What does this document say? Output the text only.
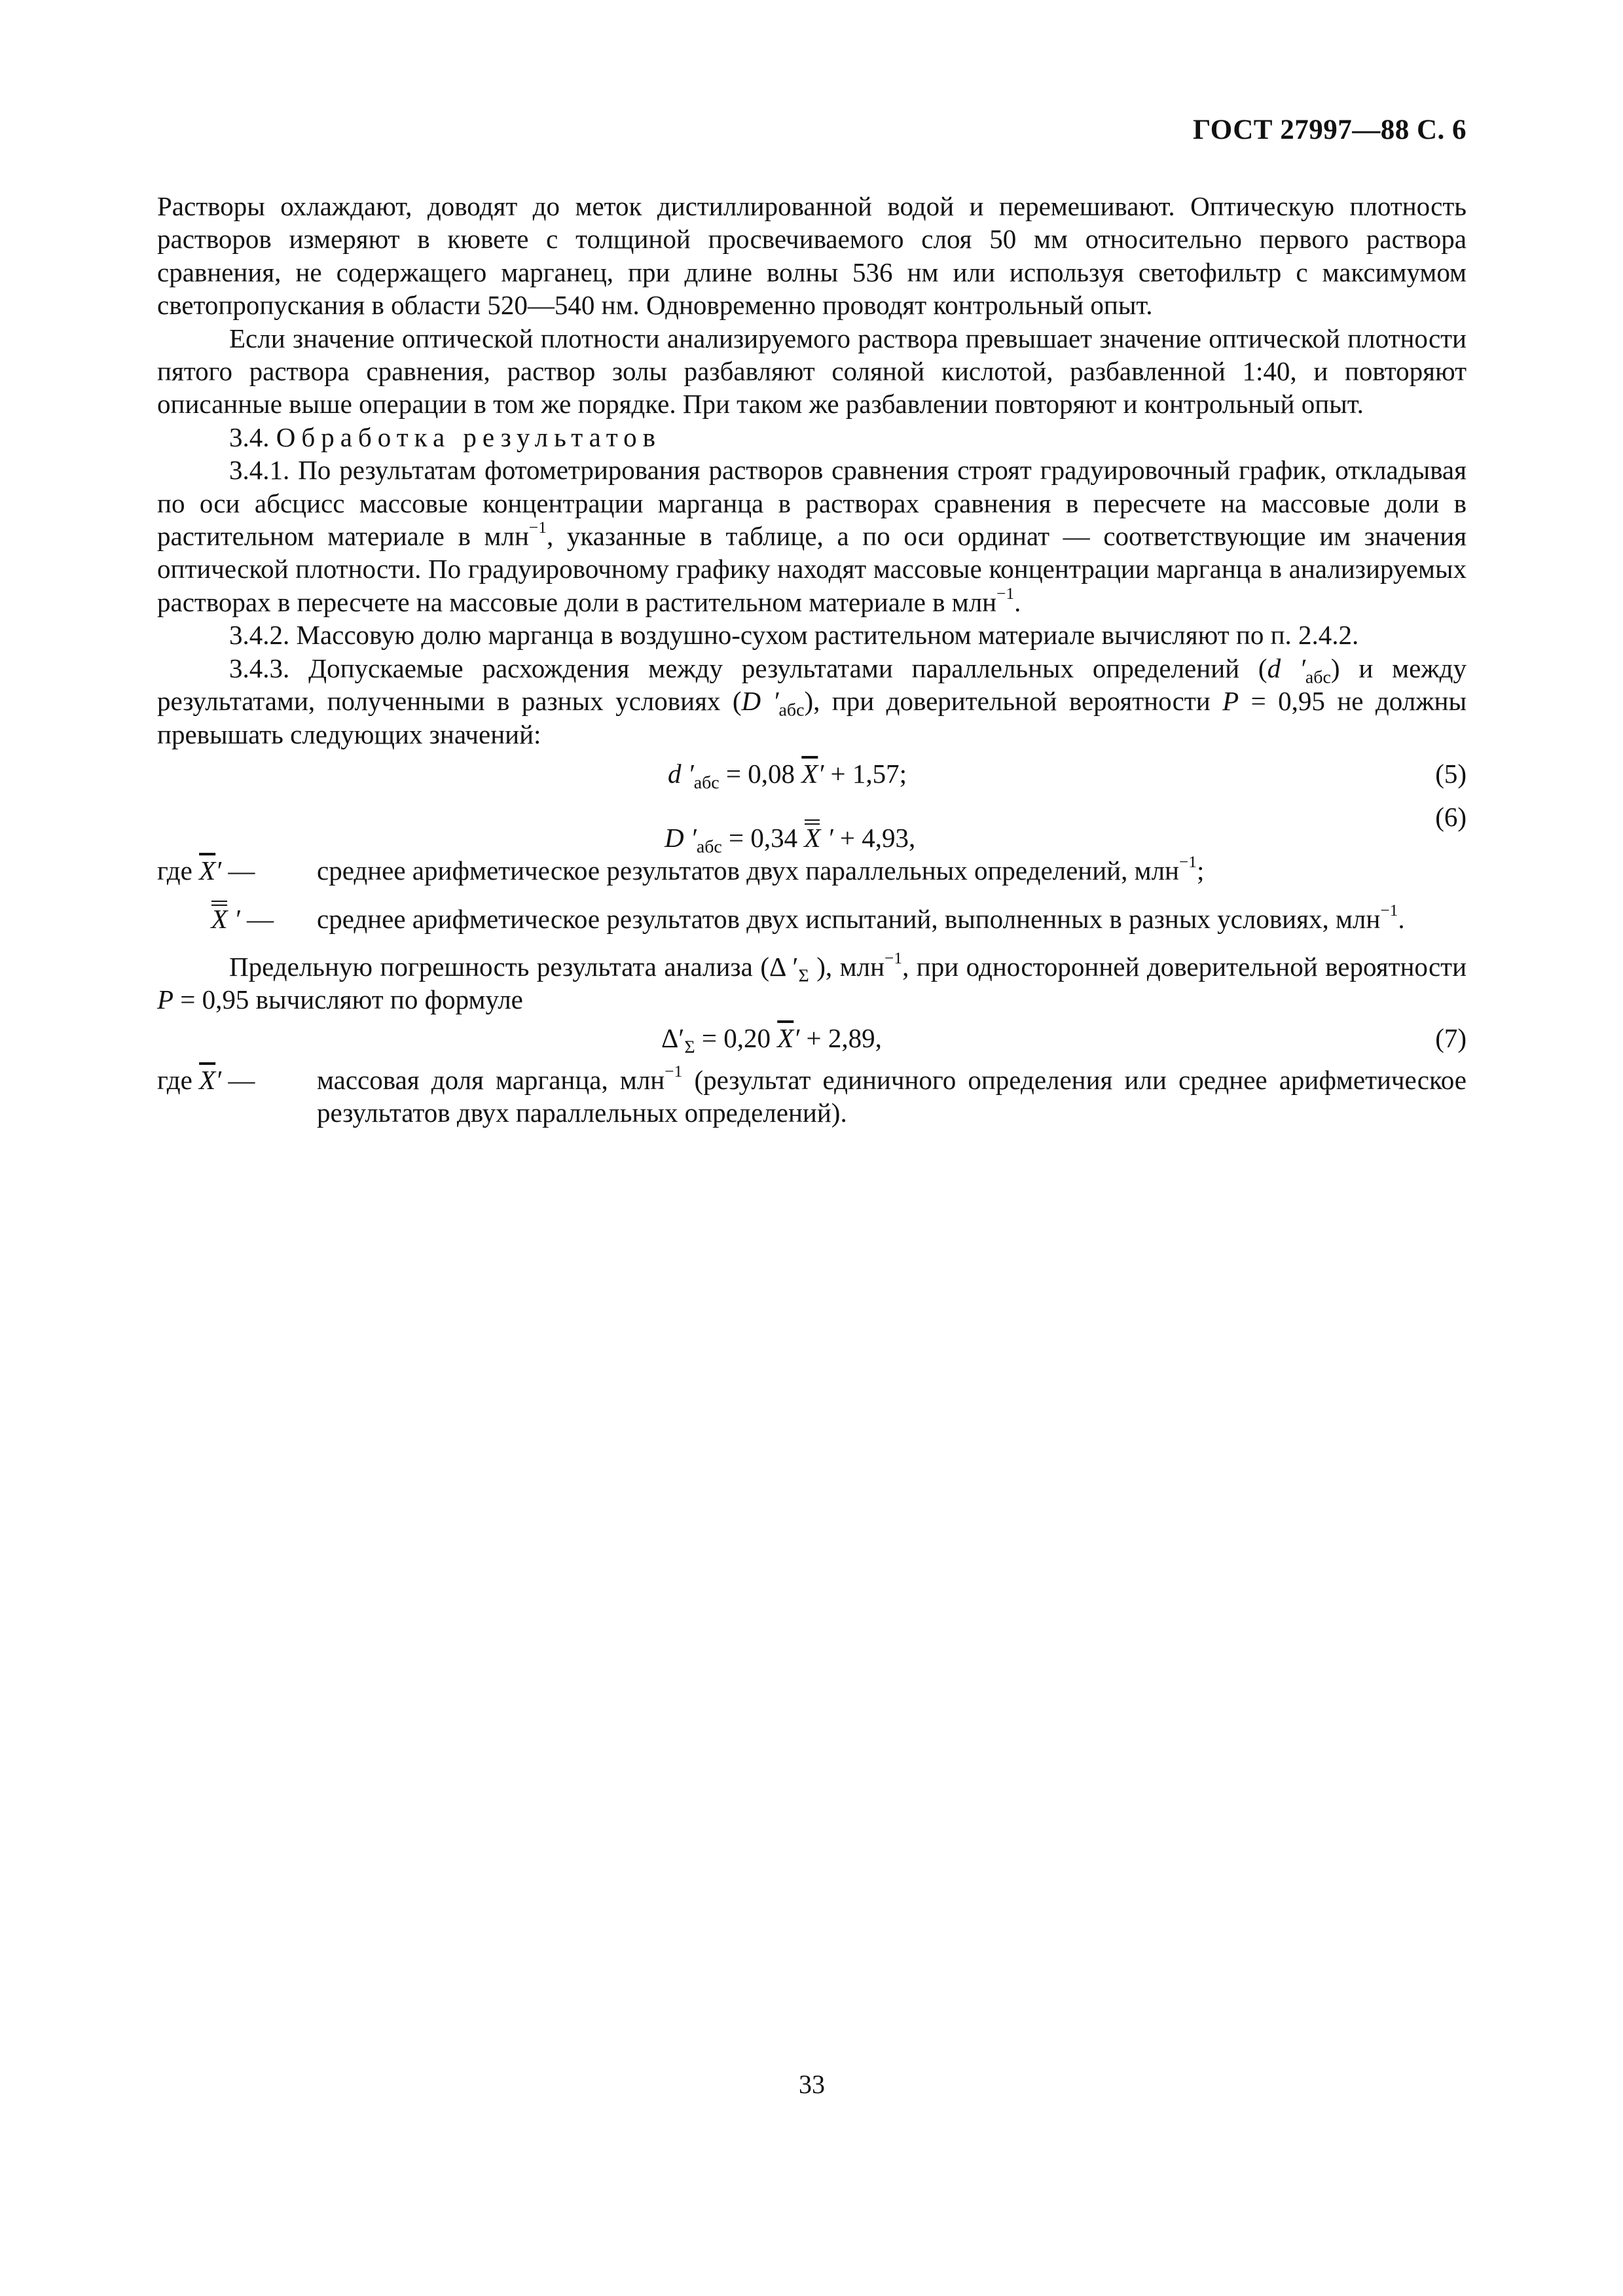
ГОСТ 27997—88 С. 6

Растворы охлаждают, доводят до меток дистиллированной водой и перемешивают. Оптическую плотность растворов измеряют в кювете с толщиной просвечиваемого слоя 50 мм относительно первого раствора сравнения, не содержащего марганец, при длине волны 536 нм или используя светофильтр с максимумом светопропускания в области 520—540 нм. Одновременно проводят контрольный опыт.

Если значение оптической плотности анализируемого раствора превышает значение оптической плотности пятого раствора сравнения, раствор золы разбавляют соляной кислотой, разбавленной 1:40, и повторяют описанные выше операции в том же порядке. При таком же разбавлении повторяют и контрольный опыт.

3.4. Обработка результатов

3.4.1. По результатам фотометрирования растворов сравнения строят градуировочный график, откладывая по оси абсцисс массовые концентрации марганца в растворах сравнения в пересчете на массовые доли в растительном материале в млн$^{-1}$, указанные в таблице, а по оси ординат — соответствующие им значения оптической плотности. По градуировочному графику находят массовые концентрации марганца в анализируемых растворах в пересчете на массовые доли в растительном материале в млн$^{-1}$.

3.4.2. Массовую долю марганца в воздушно-сухом растительном материале вычисляют по п. 2.4.2.

3.4.3. Допускаемые расхождения между результатами параллельных определений (d $'_{абс}$) и между результатами, полученными в разных условиях (D $'_{абс}$), при доверительной вероятности P = 0,95 не должны превышать следующих значений:

d $'_{абс} = 0,08$ $\overline{X}' + 1,57$;	(5)
D $'_{абс} = 0,34$ X ′ + 4,93,
(6)
где $\overline{X}'$ —	среднее арифметическое результатов двух параллельных определений, млн$^{-1}$;
X ′ —	среднее арифметическое результатов двух испытаний, выполненных в разных условиях, млн$^{-1}$.

Предельную погрешность результата анализа (Δ $'_\Sigma$ ), млн$^{-1}$, при односторонней доверительной вероятности P = 0,95 вычисляют по формуле

$\Delta'_\Sigma = 0,20$ $\overline{X}' + 2,89$,	(7)
где $\overline{X}'$ —	массовая доля марганца, млн$^{-1}$ (результат единичного определения или среднее арифметическое результатов двух параллельных определений).
33
